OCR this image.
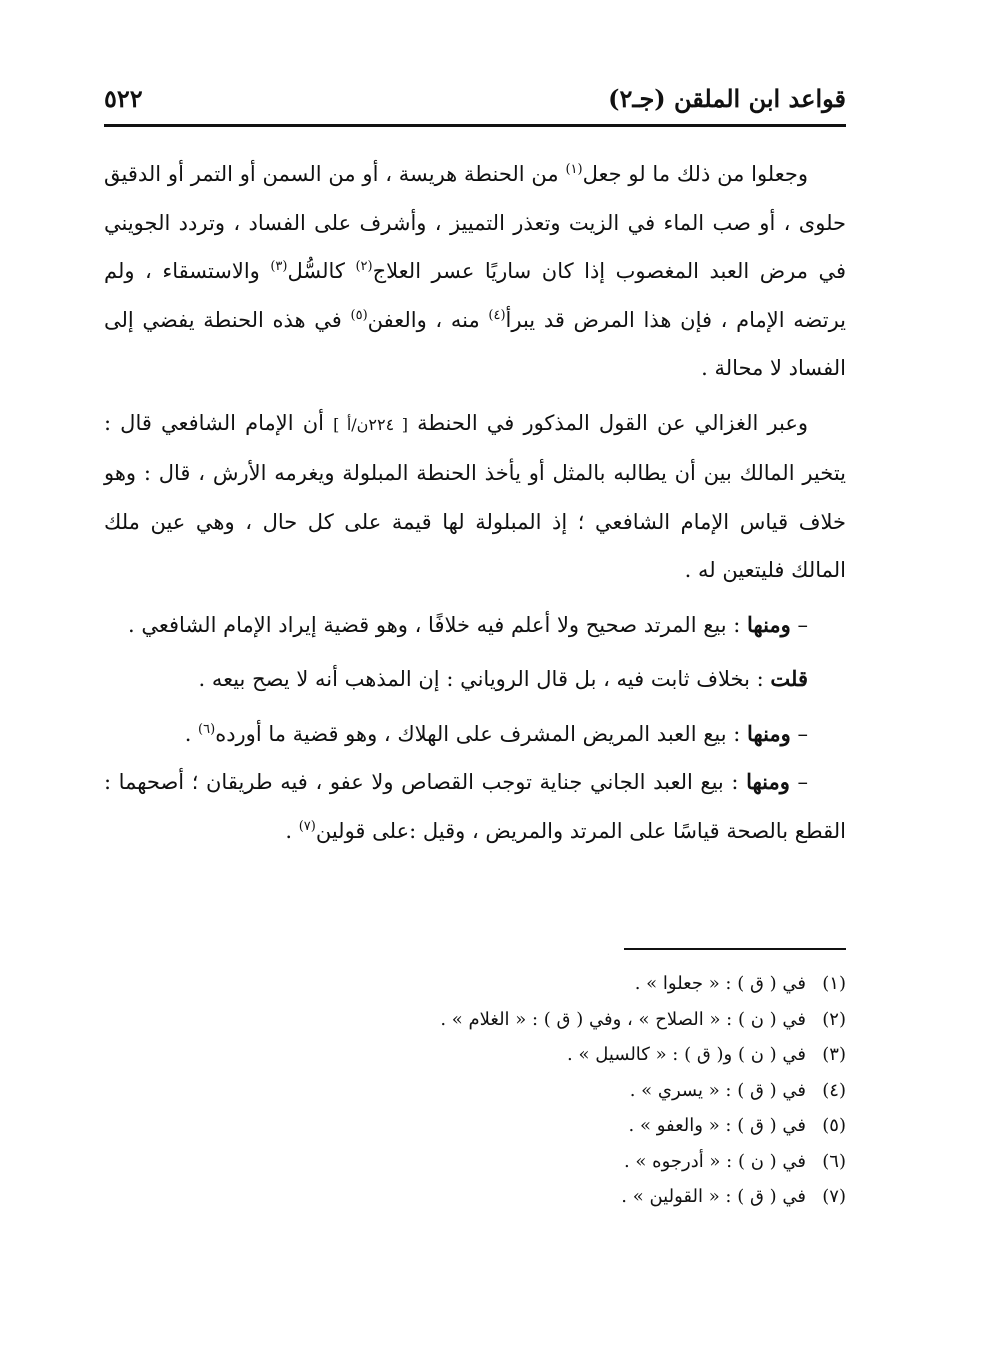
قواعد ابن الملقن (جـ٢)
٥٢٢

وجعلوا من ذلك ما لو جعل$^{(١)}$ من الحنطة هريسة ، أو من السمن أو التمر أو الدقيق حلوى ، أو صب الماء في الزيت وتعذر التمييز ، وأشرف على الفساد ، وتردد الجويني في مرض العبد المغصوب إذا كان ساريًا عسر العلاج$^{(٢)}$ كالسُّل$^{(٣)}$ والاستسقاء ، ولم يرتضه الإمام ، فإن هذا المرض قد يبرأ$^{(٤)}$ منه ، والعفن$^{(٥)}$ في هذه الحنطة يفضي إلى الفساد لا محالة .

وعبر الغزالي عن القول المذكور في الحنطة [ ٢٢٤ن/أ ] أن الإمام الشافعي قال : يتخير المالك بين أن يطالبه بالمثل أو يأخذ الحنطة المبلولة ويغرمه الأرش ، قال : وهو خلاف قياس الإمام الشافعي ؛ إذ المبلولة لها قيمة على كل حال ، وهي عين ملك المالك فليتعين له .

– ومنها : بيع المرتد صحيح ولا أعلم فيه خلافًا ، وهو قضية إيراد الإمام الشافعي .

قلت : بخلاف ثابت فيه ، بل قال الروياني : إن المذهب أنه لا يصح بيعه .

– ومنها : بيع العبد المريض المشرف على الهلاك ، وهو قضية ما أورده$^{(٦)}$ .

– ومنها : بيع العبد الجاني جناية توجب القصاص ولا عفو ، فيه طريقان ؛ أصحهما : القطع بالصحة قياسًا على المرتد والمريض ، وقيل :على قولين$^{(٧)}$ .

(١)في ( ق ) : « جعلوا » .
(٢)في ( ن ) : « الصلاح » ، وفي ( ق ) : « الغلام » .
(٣)في ( ن ) و( ق ) : « كالسيل » .
(٤)في ( ق ) : « يسري » .
(٥)في ( ق ) : « والعفو » .
(٦)في ( ن ) : « أدرجوه » .
(٧)في ( ق ) : « القولين » .
